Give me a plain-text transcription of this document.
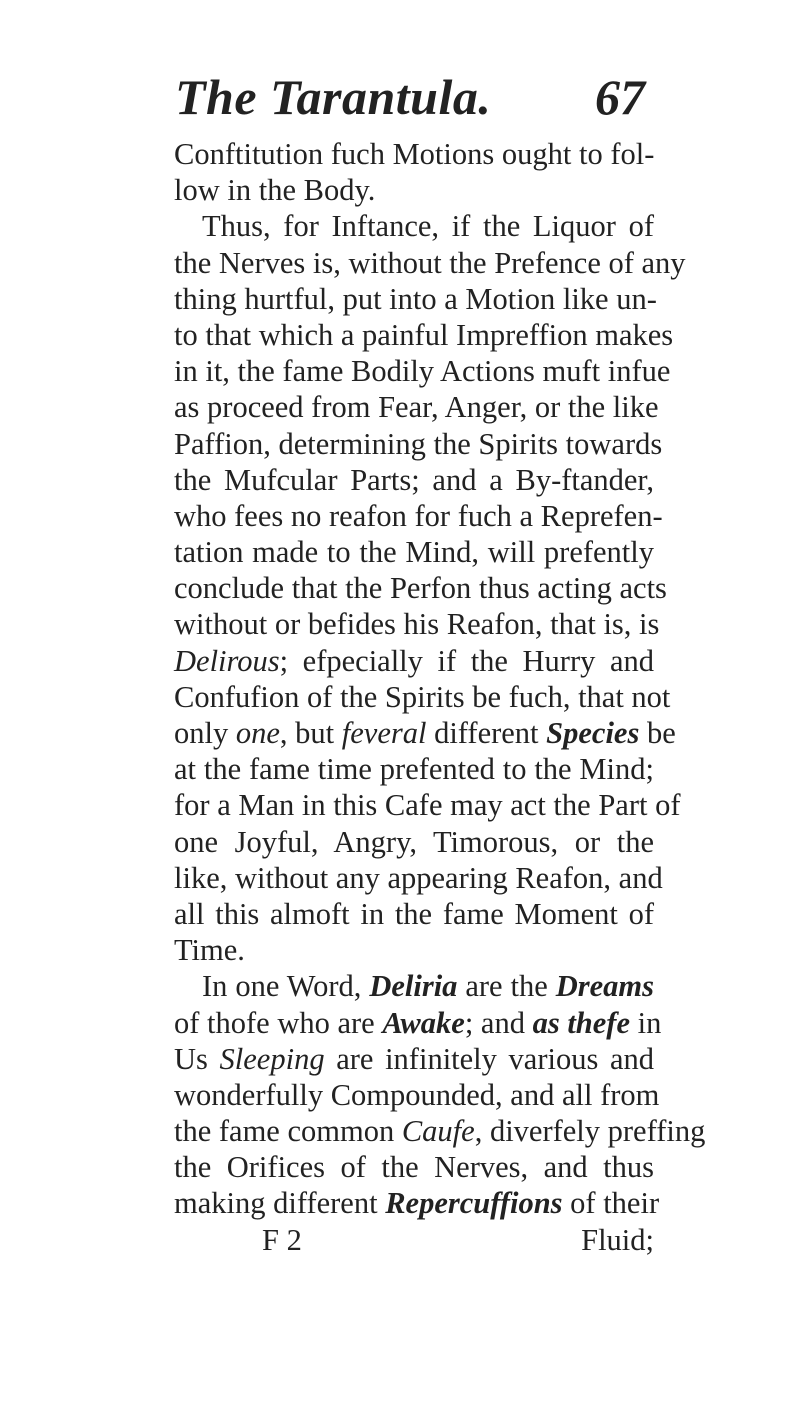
The Tarantula. 67
Conftitution fuch Motions ought to fol-
low in the Body.
Thus, for Inftance, if the Liquor of
the Nerves is, without the Prefence of any
thing hurtful, put into a Motion like un-
to that which a painful Impreffion makes
in it, the fame Bodily Actions muft infue
as proceed from Fear, Anger, or the like
Paffion, determining the Spirits towards
the Mufcular Parts; and a By-ftander,
who fees no reafon for fuch a Reprefen-
tation made to the Mind, will prefently
conclude that the Perfon thus acting acts
without or befides his Reafon, that is, is
Delirous; efpecially if the Hurry and
Confufion of the Spirits be fuch, that not
only one, but feveral different Species be
at the fame time prefented to the Mind;
for a Man in this Cafe may act the Part of
one Joyful, Angry, Timorous, or the
like, without any appearing Reafon, and
all this almoft in the fame Moment of
Time.
In one Word, Deliria are the Dreams
of thofe who are Awake; and as thefe in
Us Sleeping are infinitely various and
wonderfully Compounded, and all from
the fame common Caufe, diverfely preffing
the Orifices of the Nerves, and thus
making different Repercuffions of their
F 2	Fluid;
